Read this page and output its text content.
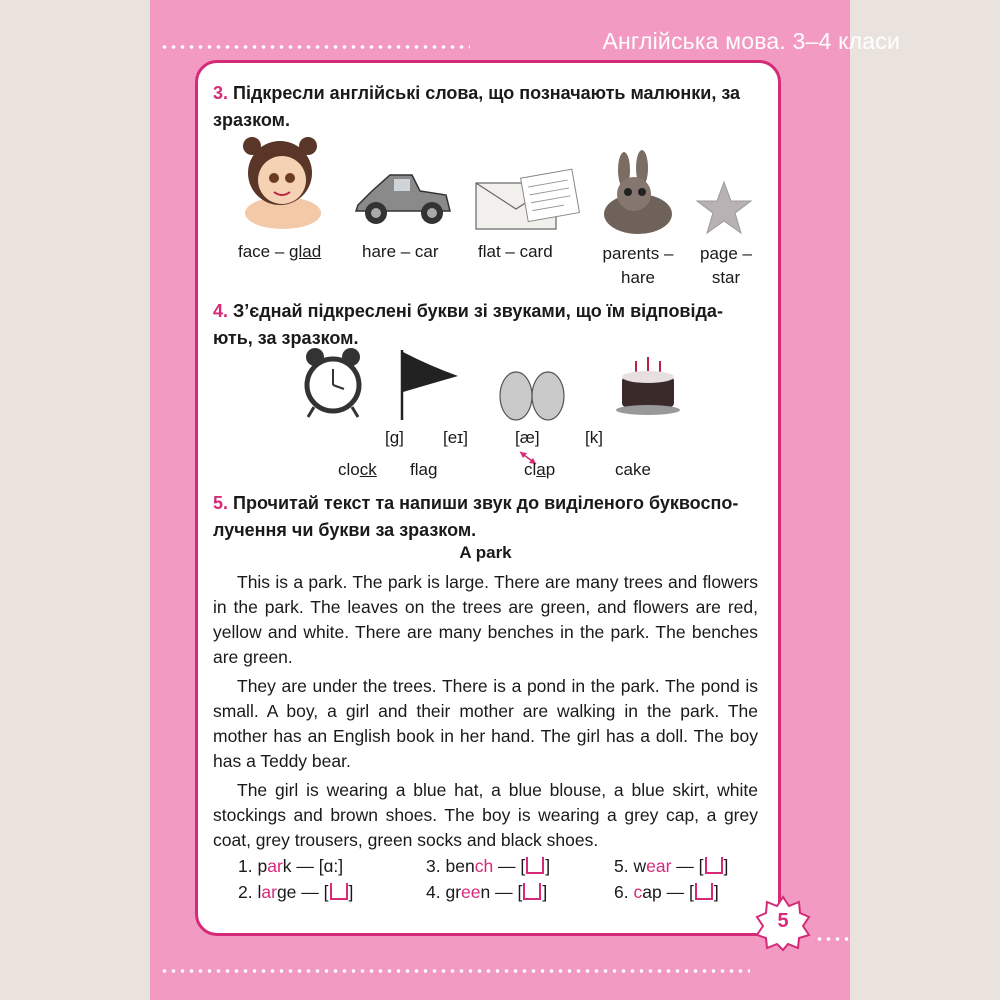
Англійська мова. 3–4 класи
3. Підкресли англійські слова, що позначають малюнки, за
зразком.
face – glad hare – car flat – card	parents –
hare
page –
star
4. З’єднай підкреслені букви зі звуками, що їм відповіда-
ють, за зразком.
[g] [eɪ]	[æ]	[k]
clock flag	clap	cake
5. Прочитай текст та напиши звук до виділеного буквоспо-
лучення чи букви за зразком.
A park

This is a park. The park is large. There are many trees and flowers in the park. The leaves on the trees are green, and flowers are red, yellow and white. There are many benches in the park. The benches are green.

They are under the trees. There is a pond in the park. The pond is small. A boy, a girl and their mother are walking in the park. The mother has an English book in her hand. The girl has a doll. The boy has a Teddy bear.

The girl is wearing a blue hat, a blue blouse, a blue skirt, white stockings and brown shoes. The boy is wearing a grey cap, a grey coat, grey trousers, green socks and black shoes.

1. park — [ɑ:]
2. large — [ ]
3. bench — [ ]
4. green — [ ]
5. wear — [ ]
6. cap — [ ]
5
